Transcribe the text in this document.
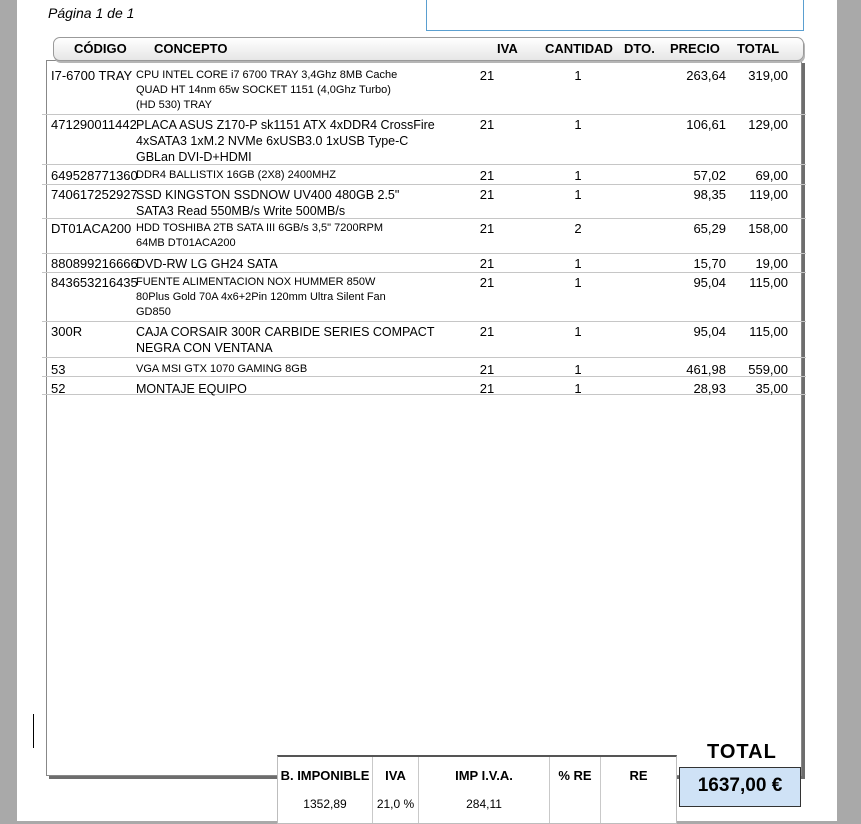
Página 1 de 1
CÓDIGO CONCEPTO	IVA CANTIDAD DTO. PRECIO TOTAL
I7-6700 TRAY CPU INTEL CORE i7 6700 TRAY 3,4Ghz 8MB Cache
QUAD HT 14nm 65w SOCKET 1151 (4,0Ghz Turbo)
(HD 530) TRAY
21	1	263,64	319,00
471290011442 PLACA ASUS Z170-P sk1151 ATX 4xDDR4 CrossFire
4xSATA3 1xM.2 NVMe 6xUSB3.0 1xUSB Type-C
GBLan DVI-D+HDMI
21	1	106,61	129,00
649528771360
DDR4 BALLISTIX 16GB (2X8) 2400MHZ	21	1	57,02	69,00
740617252927
SSD KINGSTON SSDNOW UV400 480GB 2.5"
SATA3 Read 550MB/s Write 500MB/s
21	1	98,35	119,00
DT01ACA200 HDD TOSHIBA 2TB SATA III 6GB/s 3,5" 7200RPM
64MB DT01ACA200
21	2	65,29	158,00
880899216666
DVD-RW LG GH24 SATA	21	1	15,70	19,00
843653216435
FUENTE ALIMENTACION NOX HUMMER 850W
80Plus Gold 70A 4x6+2Pin 120mm Ultra Silent Fan
GD850
21	1	95,04	115,00
300R	CAJA CORSAIR 300R CARBIDE SERIES COMPACT
NEGRA CON VENTANA
21	1	95,04	115,00
53	VGA MSI GTX 1070 GAMING 8GB	21	1	461,98	559,00
52	MONTAJE EQUIPO	21	1	28,93	35,00
B. IMPONIBLE
1352,89
IVA
21,0 %
IMP I.V.A.
284,11
% RE	RE
TOTAL
1637,00 €
